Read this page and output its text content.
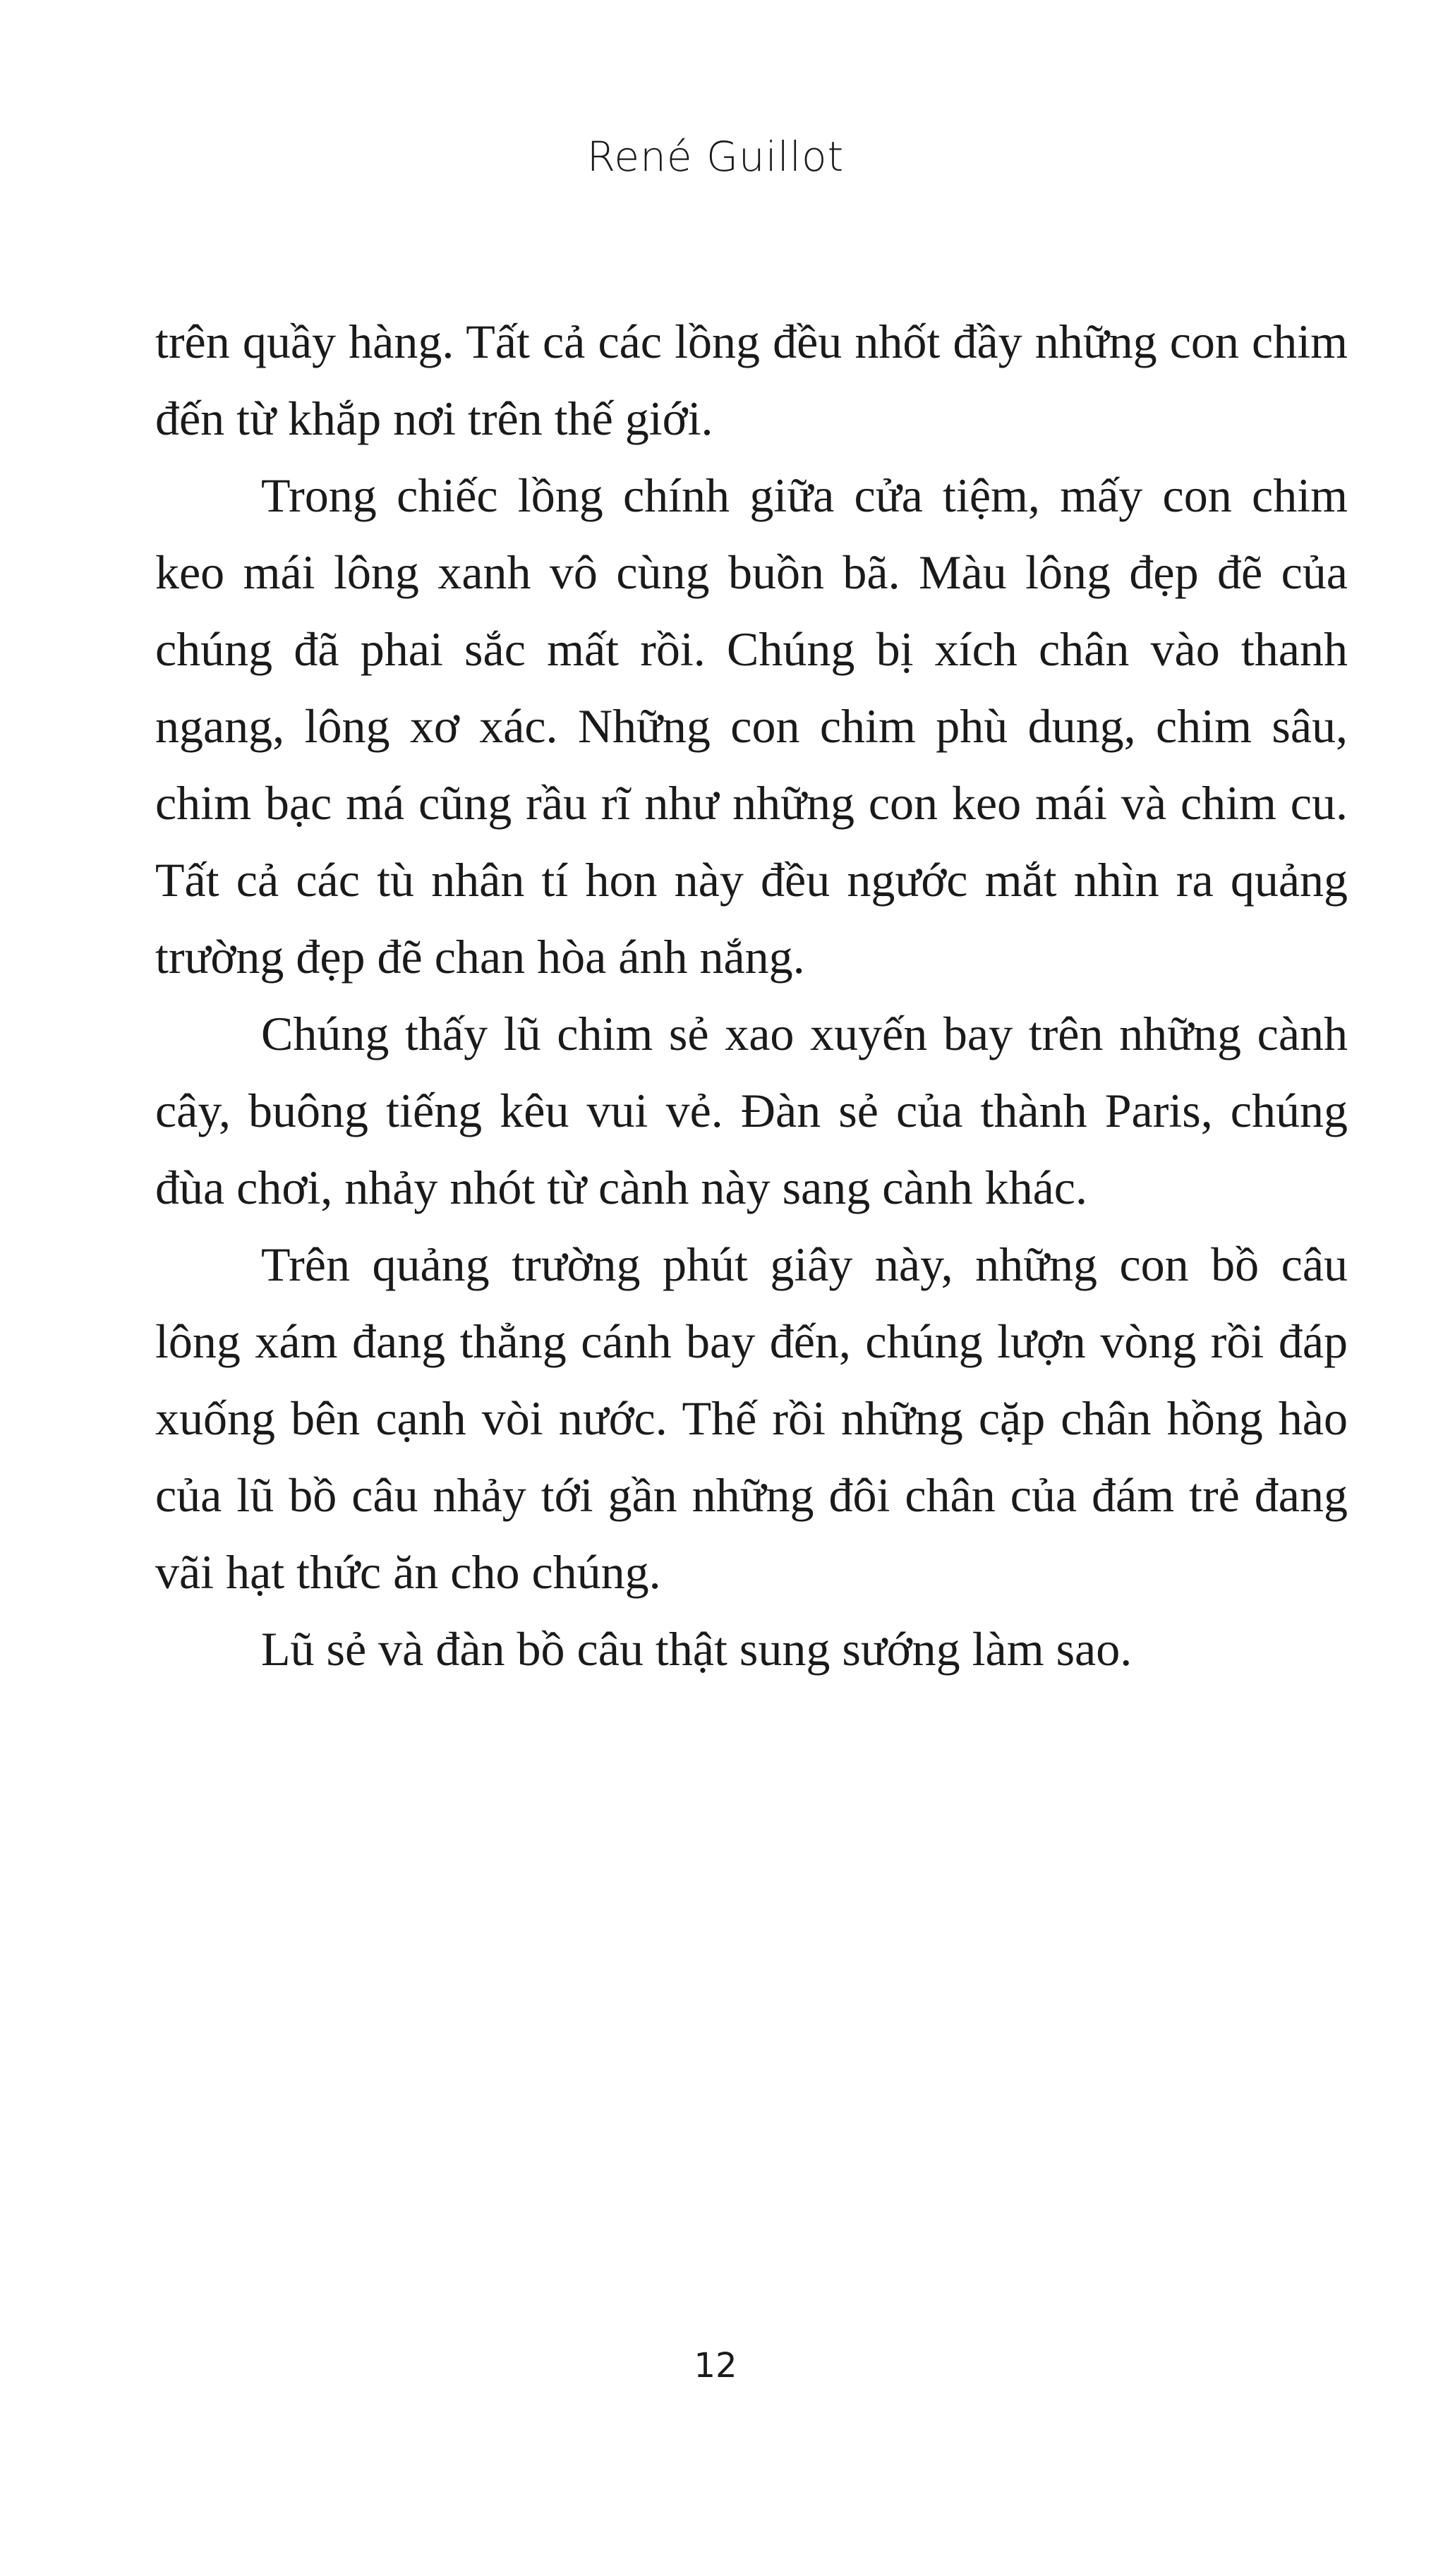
René Guillot

trên quầy hàng. Tất cả các lồng đều nhốt đầy những con chim đến từ khắp nơi trên thế giới.

Trong chiếc lồng chính giữa cửa tiệm, mấy con chim keo mái lông xanh vô cùng buồn bã. Màu lông đẹp đẽ của chúng đã phai sắc mất rồi. Chúng bị xích chân vào thanh ngang, lông xơ xác. Những con chim phù dung, chim sâu, chim bạc má cũng rầu rĩ như những con keo mái và chim cu. Tất cả các tù nhân tí hon này đều ngước mắt nhìn ra quảng trường đẹp đẽ chan hòa ánh nắng.

Chúng thấy lũ chim sẻ xao xuyến bay trên những cành cây, buông tiếng kêu vui vẻ. Đàn sẻ của thành Paris, chúng đùa chơi, nhảy nhót từ cành này sang cành khác.

Trên quảng trường phút giây này, những con bồ câu lông xám đang thẳng cánh bay đến, chúng lượn vòng rồi đáp xuống bên cạnh vòi nước. Thế rồi những cặp chân hồng hào của lũ bồ câu nhảy tới gần những đôi chân của đám trẻ đang vãi hạt thức ăn cho chúng.

Lũ sẻ và đàn bồ câu thật sung sướng làm sao.

12
